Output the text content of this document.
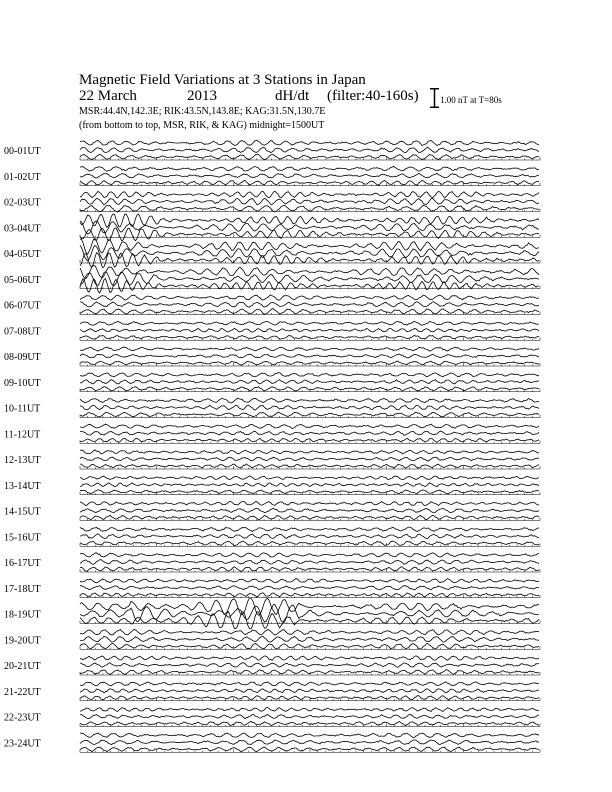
Magnetic Field Variations at 3 Stations in Japan
22 March	2013	dH/dt (filter:40-160s)
MSR:44.4N,142.3E; RIK:43.5N,143.8E; KAG:31.5N,130.7E
(from bottom to top, MSR, RIK, & KAG) midnight=1500UT
1.00 nT at T=80s
00-01UT
01-02UT
02-03UT
03-04UT
04-05UT
05-06UT
06-07UT
07-08UT
08-09UT
09-10UT
10-11UT
11-12UT
12-13UT
13-14UT
14-15UT
15-16UT
16-17UT
17-18UT
18-19UT
19-20UT
20-21UT
21-22UT
22-23UT
23-24UT
